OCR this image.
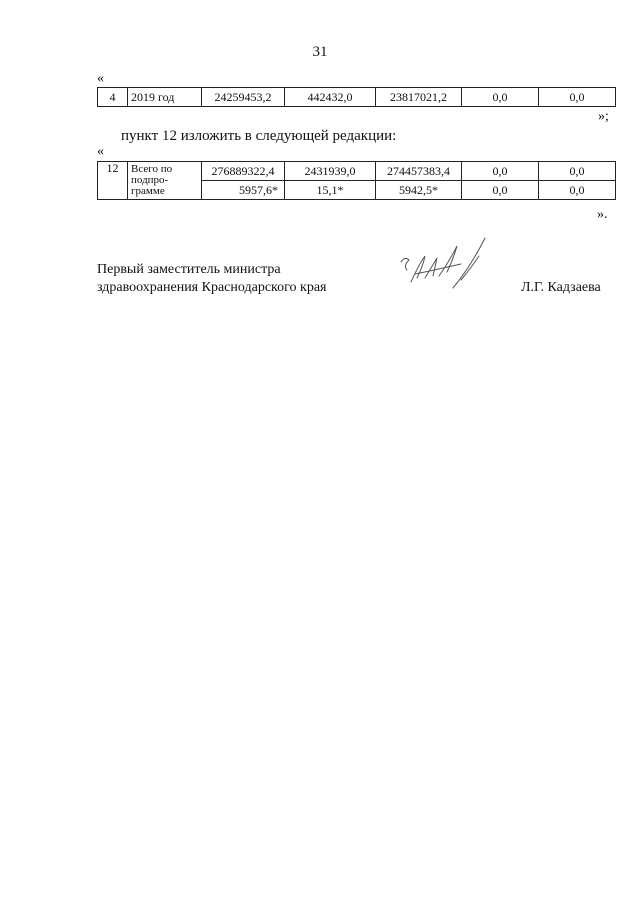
31
«
4	2019 год	24259453,2	442432,0	23817021,2	0,0	0,0
»;
пункт 12 изложить в следующей редакции:
«
12	Всего по подпро-грамме	276889322,4	2431939,0	274457383,4	0,0	0,0
		5957,6*	15,1*	5942,5*	0,0	0,0
».
Первый заместитель министра
здравоохранения Краснодарского края	Л.Г. Кадзаева
